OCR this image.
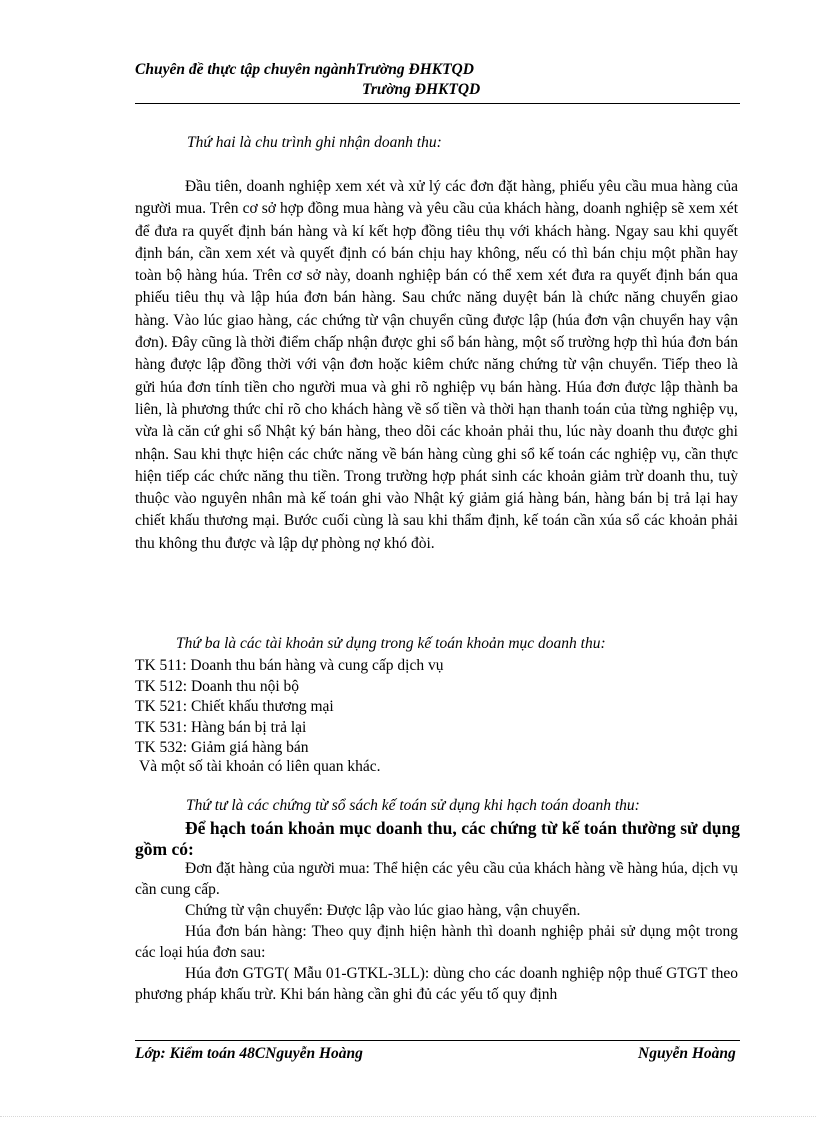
Chuyên đề thực tập chuyên ngànhTrường ĐHKTQD
Trường ĐHKTQD
Thứ hai là chu trình ghi nhận doanh thu:

Đầu tiên, doanh nghiệp xem xét và xử lý các đơn đặt hàng, phiếu yêu cầu mua hàng của người mua. Trên cơ sở hợp đồng mua hàng và yêu cầu của khách hàng, doanh nghiệp sẽ xem xét để đưa ra quyết định bán hàng và kí kết hợp đồng tiêu thụ với khách hàng. Ngay sau khi quyết định bán, cần xem xét và quyết định có bán chịu hay không, nếu có thì bán chịu một phần hay toàn bộ hàng húa. Trên cơ sở này, doanh nghiệp bán có thể xem xét đưa ra quyết định bán qua phiếu tiêu thụ và lập húa đơn bán hàng. Sau chức năng duyệt bán là chức năng chuyển giao hàng. Vào lúc giao hàng, các chứng từ vận chuyển cũng được lập (húa đơn vận chuyển hay vận đơn). Đây cũng là thời điểm chấp nhận được ghi sổ bán hàng, một số trường hợp thì húa đơn bán hàng được lập đồng thời với vận đơn hoặc kiêm chức năng chứng từ vận chuyển. Tiếp theo là gửi húa đơn tính tiền cho người mua và ghi rõ nghiệp vụ bán hàng. Húa đơn được lập thành ba liên, là phương thức chỉ rõ cho khách hàng về số tiền và thời hạn thanh toán của từng nghiệp vụ, vừa là căn cứ ghi sổ Nhật ký bán hàng, theo dõi các khoản phải thu, lúc này doanh thu được ghi nhận. Sau khi thực hiện các chức năng về bán hàng cùng ghi sổ kế toán các nghiệp vụ, cần thực hiện tiếp các chức năng thu tiền. Trong trường hợp phát sinh các khoản giảm trừ doanh thu, tuỳ thuộc vào nguyên nhân mà kế toán ghi vào Nhật ký giảm giá hàng bán, hàng bán bị trả lại hay chiết khấu thương mại. Bước cuối cùng là sau khi thẩm định, kế toán cần xúa sổ các khoản phải thu không thu được và lập dự phòng nợ khó đòi.

Thứ ba là các tài khoản sử dụng trong kế toán khoản mục doanh thu:
TK 511: Doanh thu bán hàng và cung cấp dịch vụ
TK 512: Doanh thu nội bộ
TK 521: Chiết khấu thương mại
TK 531: Hàng bán bị trả lại
TK 532: Giảm giá hàng bán
Và một số tài khoản có liên quan khác.
Thứ tư là các chứng từ sổ sách kế toán sử dụng khi hạch toán doanh thu:

Để hạch toán khoản mục doanh thu, các chứng từ kế toán thường sử dụng gồm có:

Đơn đặt hàng của người mua: Thể hiện các yêu cầu của khách hàng về hàng húa, dịch vụ cần cung cấp.

Chứng từ vận chuyển: Được lập vào lúc giao hàng, vận chuyển.

Húa đơn bán hàng: Theo quy định hiện hành thì doanh nghiệp phải sử dụng một trong các loại húa đơn sau:

Húa đơn GTGT( Mẫu 01-GTKL-3LL): dùng cho các doanh nghiệp nộp thuế GTGT theo phương pháp khấu trừ. Khi bán hàng cần ghi đủ các yếu tố quy định

Lớp: Kiểm toán 48CNguyễn Hoàng	Nguyễn Hoàng
